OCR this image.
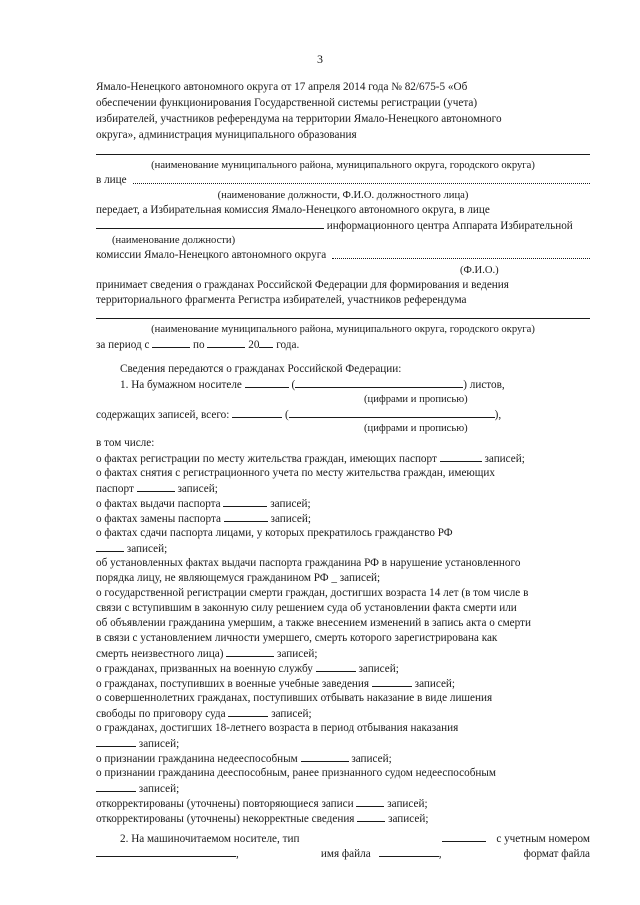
3
Ямало-Ненецкого автономного округа от 17 апреля 2014 года № 82/675-5 «Об
обеспечении функционирования Государственной системы регистрации (учета)
избирателей, участников референдума на территории Ямало-Ненецкого автономного
округа», администрация муниципального образования
(наименование муниципального района, муниципального округа, городского округа)
в лице
(наименование должности, Ф.И.О. должностного лица)
передает, а Избирательная комиссия Ямало-Ненецкого автономного округа, в лице
информационного центра Аппарата Избирательной
(наименование должности)
комиссии Ямало-Ненецкого автономного округа
(Ф.И.О.)
принимает сведения о гражданах Российской Федерации для формирования и ведения
территориального фрагмента Регистра избирателей, участников референдума
(наименование муниципального района, муниципального округа, городского округа)
за период с	по	20 года.
Сведения передаются о гражданах Российской Федерации:
1. На бумажном носителе	(	) листов,
(цифрами и прописью)
содержащих записей, всего:	(	),
(цифрами и прописью)
в том числе:
о фактах регистрации по месту жительства граждан, имеющих паспорт	записей;
о фактах снятия с регистрационного учета по месту жительства граждан, имеющих
паспорт	записей;
о фактах выдачи паспорта	записей;
о фактах замены паспорта	записей;
о фактах сдачи паспорта лицами, у которых прекратилось гражданство РФ
записей;
об установленных фактах выдачи паспорта гражданина РФ в нарушение установленного
порядка лицу, не являющемуся гражданином РФ _ записей;
о государственной регистрации смерти граждан, достигших возраста 14 лет (в том числе в
связи с вступившим в законную силу решением суда об установлении факта смерти или
об объявлении гражданина умершим, а также внесением изменений в запись акта о смерти
в связи с установлением личности умершего, смерть которого зарегистрирована как
смерть неизвестного лица)	записей;
о гражданах, призванных на военную службу	записей;
о гражданах, поступивших в военные учебные заведения	записей;
о совершеннолетних гражданах, поступивших отбывать наказание в виде лишения
свободы по приговору суда	записей;
о гражданах, достигших 18-летнего возраста в период отбывания наказания
записей;
о признании гражданина недееспособным	записей;
о признании гражданина дееспособным, ранее признанного судом недееспособным
записей;
откорректированы (уточнены) повторяющиеся записи	записей;
откорректированы (уточнены) некорректные сведения	записей;
2. На машиночитаемом носителе, тип	с учетным номером
,	имя файла	,	формат файла
